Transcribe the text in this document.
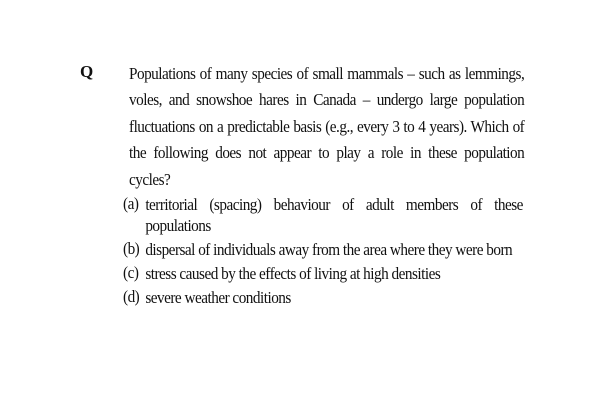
Q Populations of many species of small mammals – such as lemmings, voles, and snowshoe hares in Canada – undergo large population fluctuations on a predictable basis (e.g., every 3 to 4 years). Which of the following does not appear to play a role in these population cycles?
(a) territorial (spacing) behaviour of adult members of these populations
(b) dispersal of individuals away from the area where they were born
(c) stress caused by the effects of living at high densities
(d) severe weather conditions
